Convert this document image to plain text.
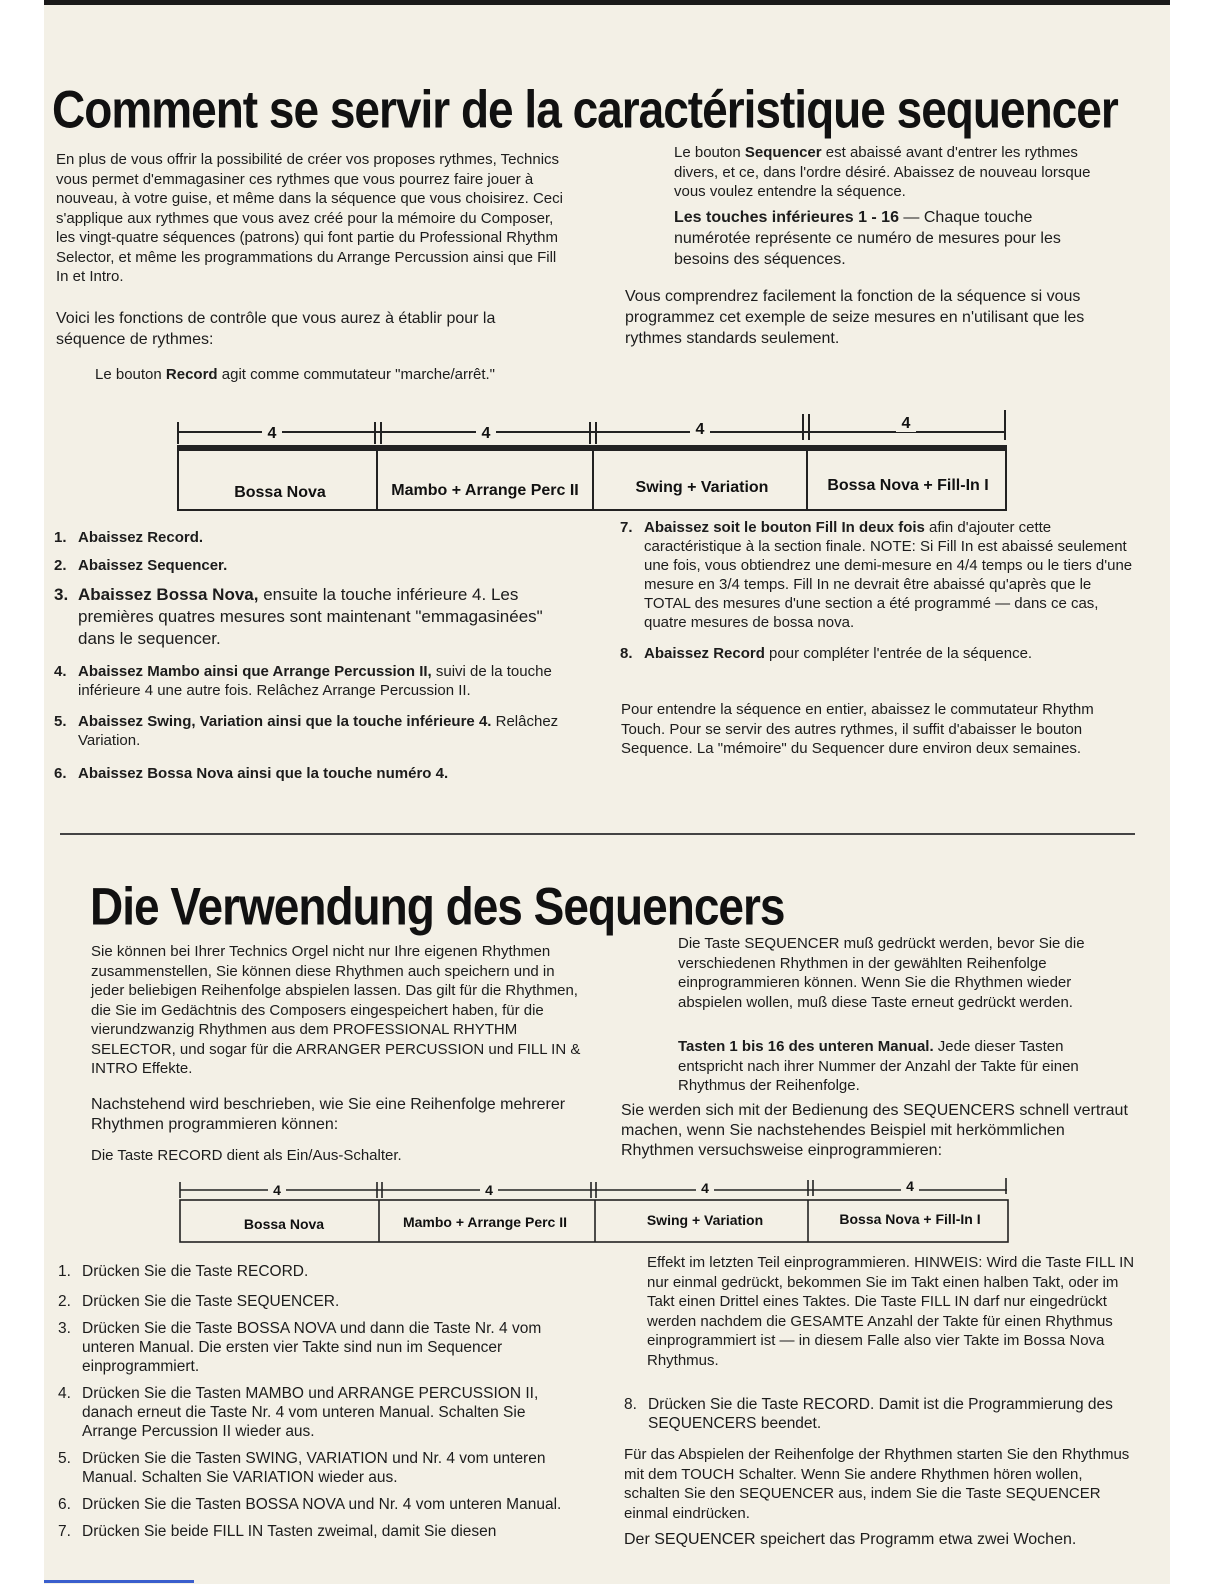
Comment se servir de la caractéristique sequencer

En plus de vous offrir la possibilité de créer vos proposes rythmes, Technics vous permet d'emmagasiner ces rythmes que vous pourrez faire jouer à nouveau, à votre guise, et même dans la séquence que vous choisirez. Ceci s'applique aux rythmes que vous avez créé pour la mémoire du Composer, les vingt-quatre séquences (patrons) qui font partie du Professional Rhythm Selector, et même les programmations du Arrange Percussion ainsi que Fill In et Intro.

Voici les fonctions de contrôle que vous aurez à établir pour la séquence de rythmes:

Le bouton Record agit comme commutateur "marche/arrêt."

Le bouton Sequencer est abaissé avant d'entrer les rythmes divers, et ce, dans l'ordre désiré. Abaissez de nouveau lorsque vous voulez entendre la séquence.

Les touches inférieures 1 - 16 — Chaque touche numérotée représente ce numéro de mesures pour les besoins des séquences.

Vous comprendrez facilement la fonction de la séquence si vous programmez cet exemple de seize mesures en n'utilisant que les rythmes standards seulement.

4	4	4	4
Bossa Nova	Mambo + Arrange Perc II	Swing + Variation	Bossa Nova + Fill-In I
1. Abaissez Record.
2. Abaissez Sequencer.
3. Abaissez Bossa Nova, ensuite la touche inférieure 4. Les premières quatres mesures sont maintenant "emmagasinées" dans le sequencer.
4. Abaissez Mambo ainsi que Arrange Percussion II, suivi de la touche inférieure 4 une autre fois. Relâchez Arrange Percussion II.
5. Abaissez Swing, Variation ainsi que la touche inférieure 4. Relâchez Variation.
6. Abaissez Bossa Nova ainsi que la touche numéro 4.
7. Abaissez soit le bouton Fill In deux fois afin d'ajouter cette caractéristique à la section finale. NOTE: Si Fill In est abaissé seulement une fois, vous obtiendrez une demi-mesure en 4/4 temps ou le tiers d'une mesure en 3/4 temps. Fill In ne devrait être abaissé qu'après que le TOTAL des mesures d'une section a été programmé — dans ce cas, quatre mesures de bossa nova.
8. Abaissez Record pour compléter l'entrée de la séquence.

Pour entendre la séquence en entier, abaissez le commutateur Rhythm Touch. Pour se servir des autres rythmes, il suffit d'abaisser le bouton Sequence. La "mémoire" du Sequencer dure environ deux semaines.

Die Verwendung des Sequencers

Sie können bei Ihrer Technics Orgel nicht nur Ihre eigenen Rhythmen zusammenstellen, Sie können diese Rhythmen auch speichern und in jeder beliebigen Reihenfolge abspielen lassen. Das gilt für die Rhythmen, die Sie im Gedächtnis des Composers eingespeichert haben, für die vierundzwanzig Rhythmen aus dem PROFESSIONAL RHYTHM SELECTOR, und sogar für die ARRANGER PERCUSSION und FILL IN & INTRO Effekte.

Nachstehend wird beschrieben, wie Sie eine Reihenfolge mehrerer Rhythmen programmieren können:

Die Taste RECORD dient als Ein/Aus-Schalter.

Die Taste SEQUENCER muß gedrückt werden, bevor Sie die verschiedenen Rhythmen in der gewählten Reihenfolge einprogrammieren können. Wenn Sie die Rhythmen wieder abspielen wollen, muß diese Taste erneut gedrückt werden.

Tasten 1 bis 16 des unteren Manual. Jede dieser Tasten entspricht nach ihrer Nummer der Anzahl der Takte für einen Rhythmus der Reihenfolge.

Sie werden sich mit der Bedienung des SEQUENCERS schnell vertraut machen, wenn Sie nachstehendes Beispiel mit herkömmlichen Rhythmen versuchsweise einprogrammieren:

4	4	4	4
Bossa Nova	Mambo + Arrange Perc II	Swing + Variation	Bossa Nova + Fill-In I
1. Drücken Sie die Taste RECORD.
2. Drücken Sie die Taste SEQUENCER.
3. Drücken Sie die Taste BOSSA NOVA und dann die Taste Nr. 4 vom unteren Manual. Die ersten vier Takte sind nun im Sequencer einprogrammiert.
4. Drücken Sie die Tasten MAMBO und ARRANGE PERCUSSION II, danach erneut die Taste Nr. 4 vom unteren Manual. Schalten Sie Arrange Percussion II wieder aus.
5. Drücken Sie die Tasten SWING, VARIATION und Nr. 4 vom unteren Manual. Schalten Sie VARIATION wieder aus.
6. Drücken Sie die Tasten BOSSA NOVA und Nr. 4 vom unteren Manual.
7. Drücken Sie beide FILL IN Tasten zweimal, damit Sie diesen

Effekt im letzten Teil einprogrammieren. HINWEIS: Wird die Taste FILL IN nur einmal gedrückt, bekommen Sie im Takt einen halben Takt, oder im Takt einen Drittel eines Taktes. Die Taste FILL IN darf nur eingedrückt werden nachdem die GESAMTE Anzahl der Takte für einen Rhythmus einprogrammiert ist — in diesem Falle also vier Takte im Bossa Nova Rhythmus.

8. Drücken Sie die Taste RECORD. Damit ist die Programmierung des SEQUENCERS beendet.

Für das Abspielen der Reihenfolge der Rhythmen starten Sie den Rhythmus mit dem TOUCH Schalter. Wenn Sie andere Rhythmen hören wollen, schalten Sie den SEQUENCER aus, indem Sie die Taste SEQUENCER einmal eindrücken.

Der SEQUENCER speichert das Programm etwa zwei Wochen.
